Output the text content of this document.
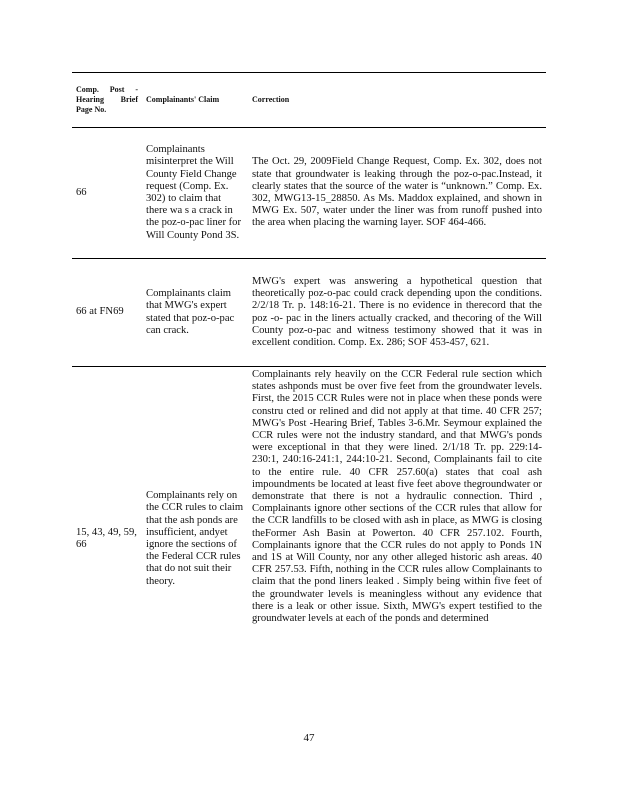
Comp. Post - Hearing Brief Page No.	Complainants' Claim	Correction
66	Complainants misinterpret the Will County Field Change request (Comp. Ex. 302) to claim that there wa s a crack in the poz-o-pac liner for Will County Pond 3S.	The Oct. 29, 2009Field Change Request, Comp. Ex. 302, does not state that groundwater is leaking through the poz-o-pac.Instead, it clearly states that the source of the water is “unknown.” Comp. Ex. 302, MWG13-15_28850. As Ms. Maddox explained, and shown in MWG Ex. 507, water under the liner was from runoff pushed into the area when placing the warning layer. SOF 464-466.
66 at FN69	Complainants claim that MWG's expert stated that poz-o-pac can crack.	MWG's expert was answering a hypothetical question that theoretically poz-o-pac could crack depending upon the conditions. 2/2/18 Tr. p. 148:16-21. There is no evidence in therecord that the poz -o- pac in the liners actually cracked, and thecoring of the Will County poz-o-pac and witness testimony showed that it was in excellent condition. Comp. Ex. 286; SOF 453-457, 621.
15, 43, 49, 59, 66	Complainants rely on the CCR rules to claim that the ash ponds are insufficient, andyet ignore the sections of the Federal CCR rules that do not suit their theory.	Complainants rely heavily on the CCR Federal rule section which states ashponds must be over five feet from the groundwater levels. First, the 2015 CCR Rules were not in place when these ponds were constru cted or relined and did not apply at that time. 40 CFR 257; MWG's Post -Hearing Brief, Tables 3-6.Mr. Seymour explained the CCR rules were not the industry standard, and that MWG's ponds were exceptional in that they were lined. 2/1/18 Tr. pp. 229:14-230:1, 240:16-241:1, 244:10-21. Second, Complainants fail to cite to the entire rule. 40 CFR 257.60(a) states that coal ash impoundments be located at least five feet above thegroundwater or demonstrate that there is not a hydraulic connection. Third , Complainants ignore other sections of the CCR rules that allow for the CCR landfills to be closed with ash in place, as MWG is closing theFormer Ash Basin at Powerton. 40 CFR 257.102. Fourth, Complainants ignore that the CCR rules do not apply to Ponds 1N and 1S at Will County, nor any other alleged historic ash areas. 40 CFR 257.53. Fifth, nothing in the CCR rules allow Complainants to claim that the pond liners leaked . Simply being within five feet of the groundwater levels is meaningless without any evidence that there is a leak or other issue. Sixth, MWG's expert testified to the groundwater levels at each of the ponds and determined
47
